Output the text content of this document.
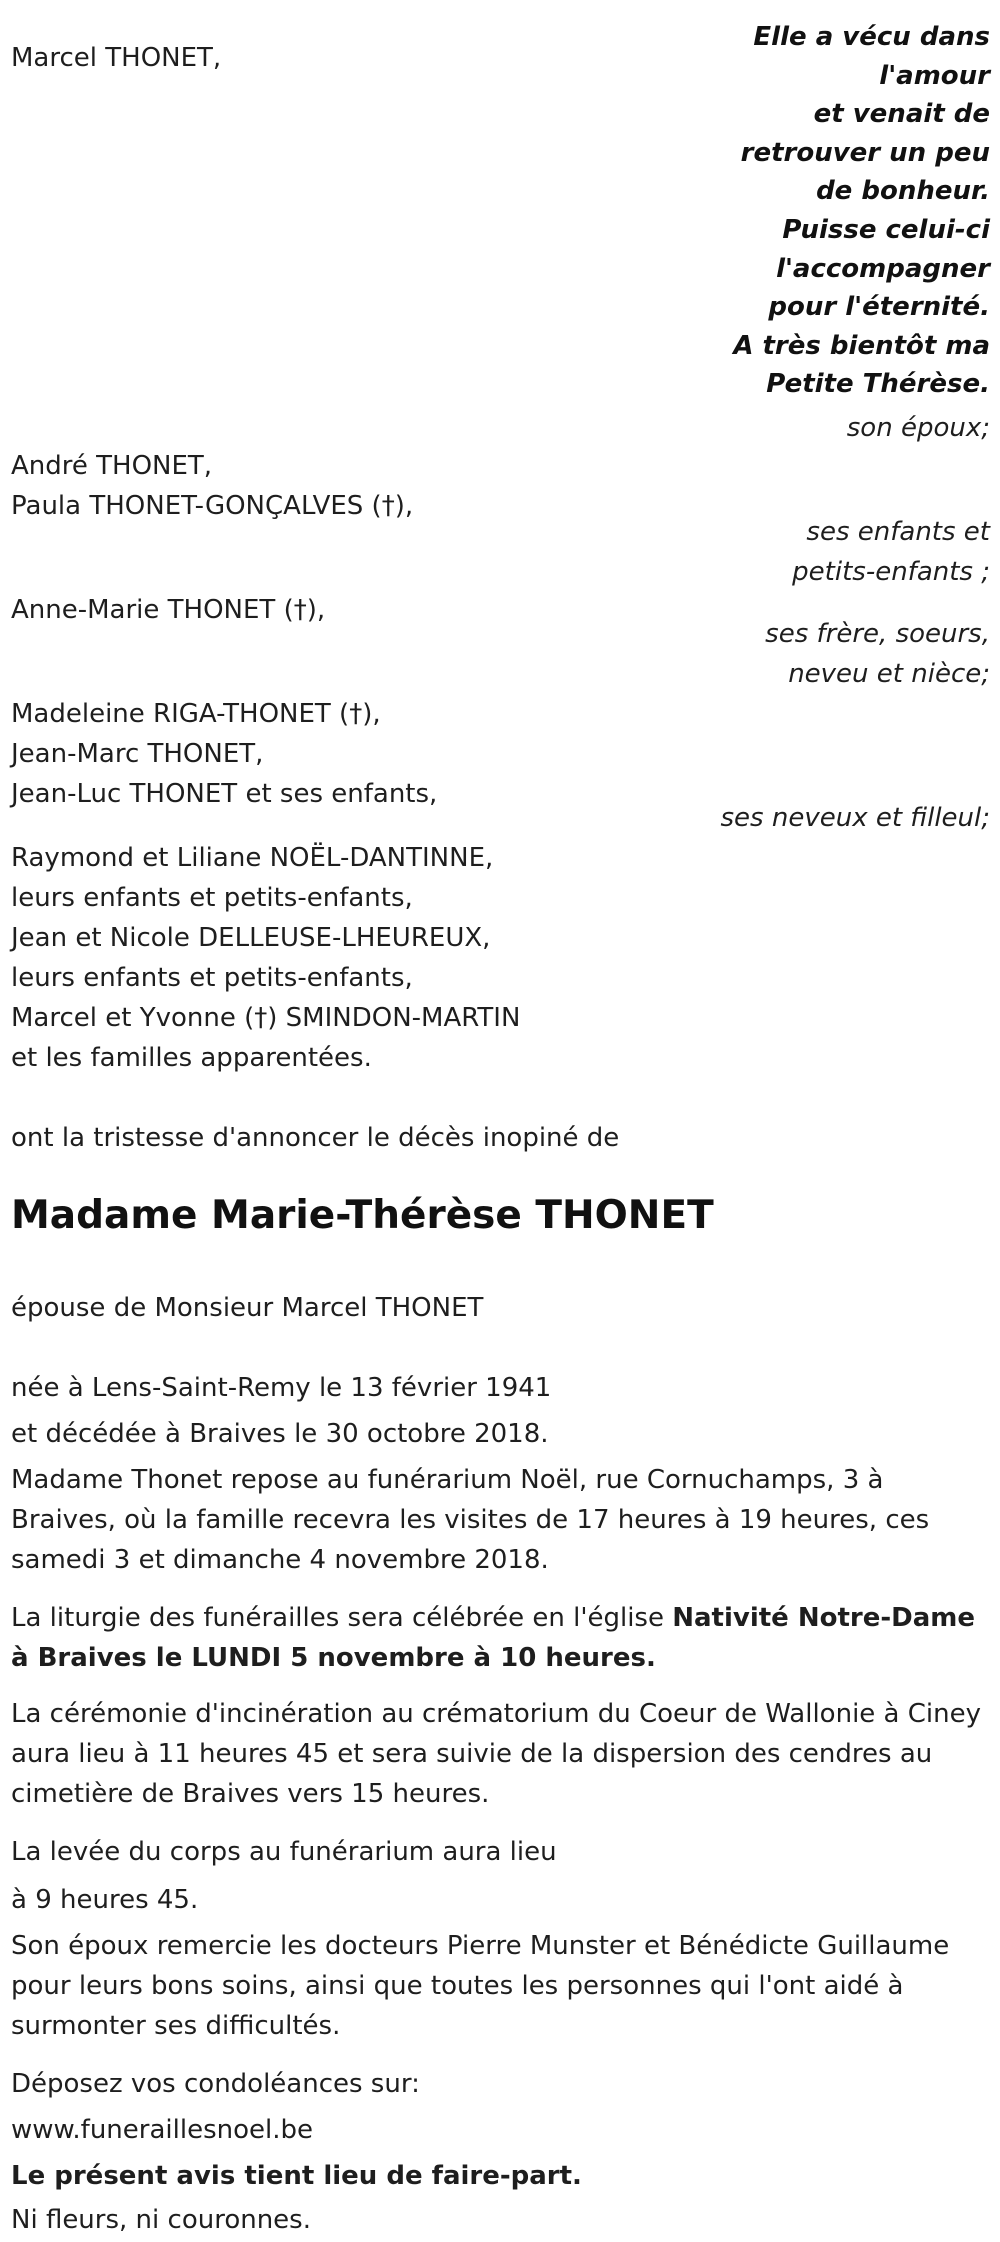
Marcel THONET,
Elle a vécu dans
l'amour
et venait de
retrouver un peu
de bonheur.
Puisse celui-ci
l'accompagner
pour l'éternité.
A très bientôt ma
Petite Thérèse.
son époux;
André THONET,
Paula THONET-GONÇALVES (†),
ses enfants et
petits-enfants ;
Anne-Marie THONET (†),
ses frère, soeurs,
neveu et nièce;
Madeleine RIGA-THONET (†),
Jean-Marc THONET,
Jean-Luc THONET et ses enfants,
ses neveux et filleul;
Raymond et Liliane NOËL-DANTINNE,
leurs enfants et petits-enfants,
Jean et Nicole DELLEUSE-LHEUREUX,
leurs enfants et petits-enfants,
Marcel et Yvonne (†) SMINDON-MARTIN
et les familles apparentées.
ont la tristesse d'annoncer le décès inopiné de
Madame Marie-Thérèse THONET
épouse de Monsieur Marcel THONET
née à Lens-Saint-Remy le 13 février 1941
et décédée à Braives le 30 octobre 2018.
Madame Thonet repose au funérarium Noël, rue Cornuchamps, 3 à Braives, où la famille recevra les visites de 17 heures à 19 heures, ces samedi 3 et dimanche 4 novembre 2018.
La liturgie des funérailles sera célébrée en l'église Nativité Notre-Dame à Braives le LUNDI 5 novembre à 10 heures.
La cérémonie d'incinération au crématorium du Coeur de Wallonie à Ciney aura lieu à 11 heures 45 et sera suivie de la dispersion des cendres au cimetière de Braives vers 15 heures.
La levée du corps au funérarium aura lieu
à 9 heures 45.
Son époux remercie les docteurs Pierre Munster et Bénédicte Guillaume pour leurs bons soins, ainsi que toutes les personnes qui l'ont aidé à surmonter ses difficultés.
Déposez vos condoléances sur:
www.funeraillesnoel.be
Le présent avis tient lieu de faire-part.
Ni fleurs, ni couronnes.
